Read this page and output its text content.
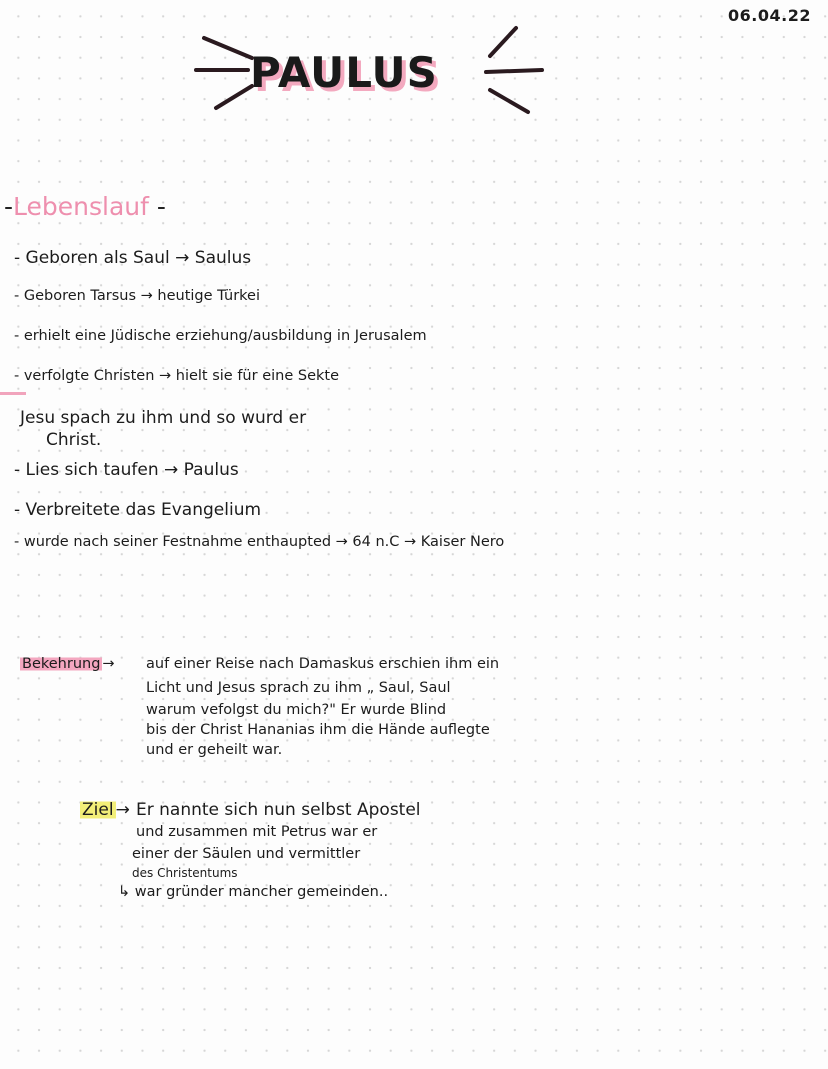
06.04.22
PAULUS
-Lebenslauf -
- Geboren als Saul → Saulus
- Geboren Tarsus → heutige Türkei
- erhielt eine Jüdische erziehung/ausbildung in Jerusalem
- verfolgte Christen → hielt sie für eine Sekte
Jesu spach zu ihm und so wurd er
Christ.
- Lies sich taufen → Paulus
- Verbreitete das Evangelium
- wurde nach seiner Festnahme enthaupted → 64 n.C → Kaiser Nero
Bekehrung → auf einer Reise nach Damaskus erschien ihm ein
Licht und Jesus sprach zu ihm „ Saul, Saul
warum vefolgst du mich?" Er wurde Blind
bis der Christ Hananias ihm die Hände auflegte
und er geheilt war.
Ziel → Er nannte sich nun selbst Apostel
und zusammen mit Petrus war er
einer der Säulen und vermittler
des Christentums
↳ war gründer mancher gemeinden..
